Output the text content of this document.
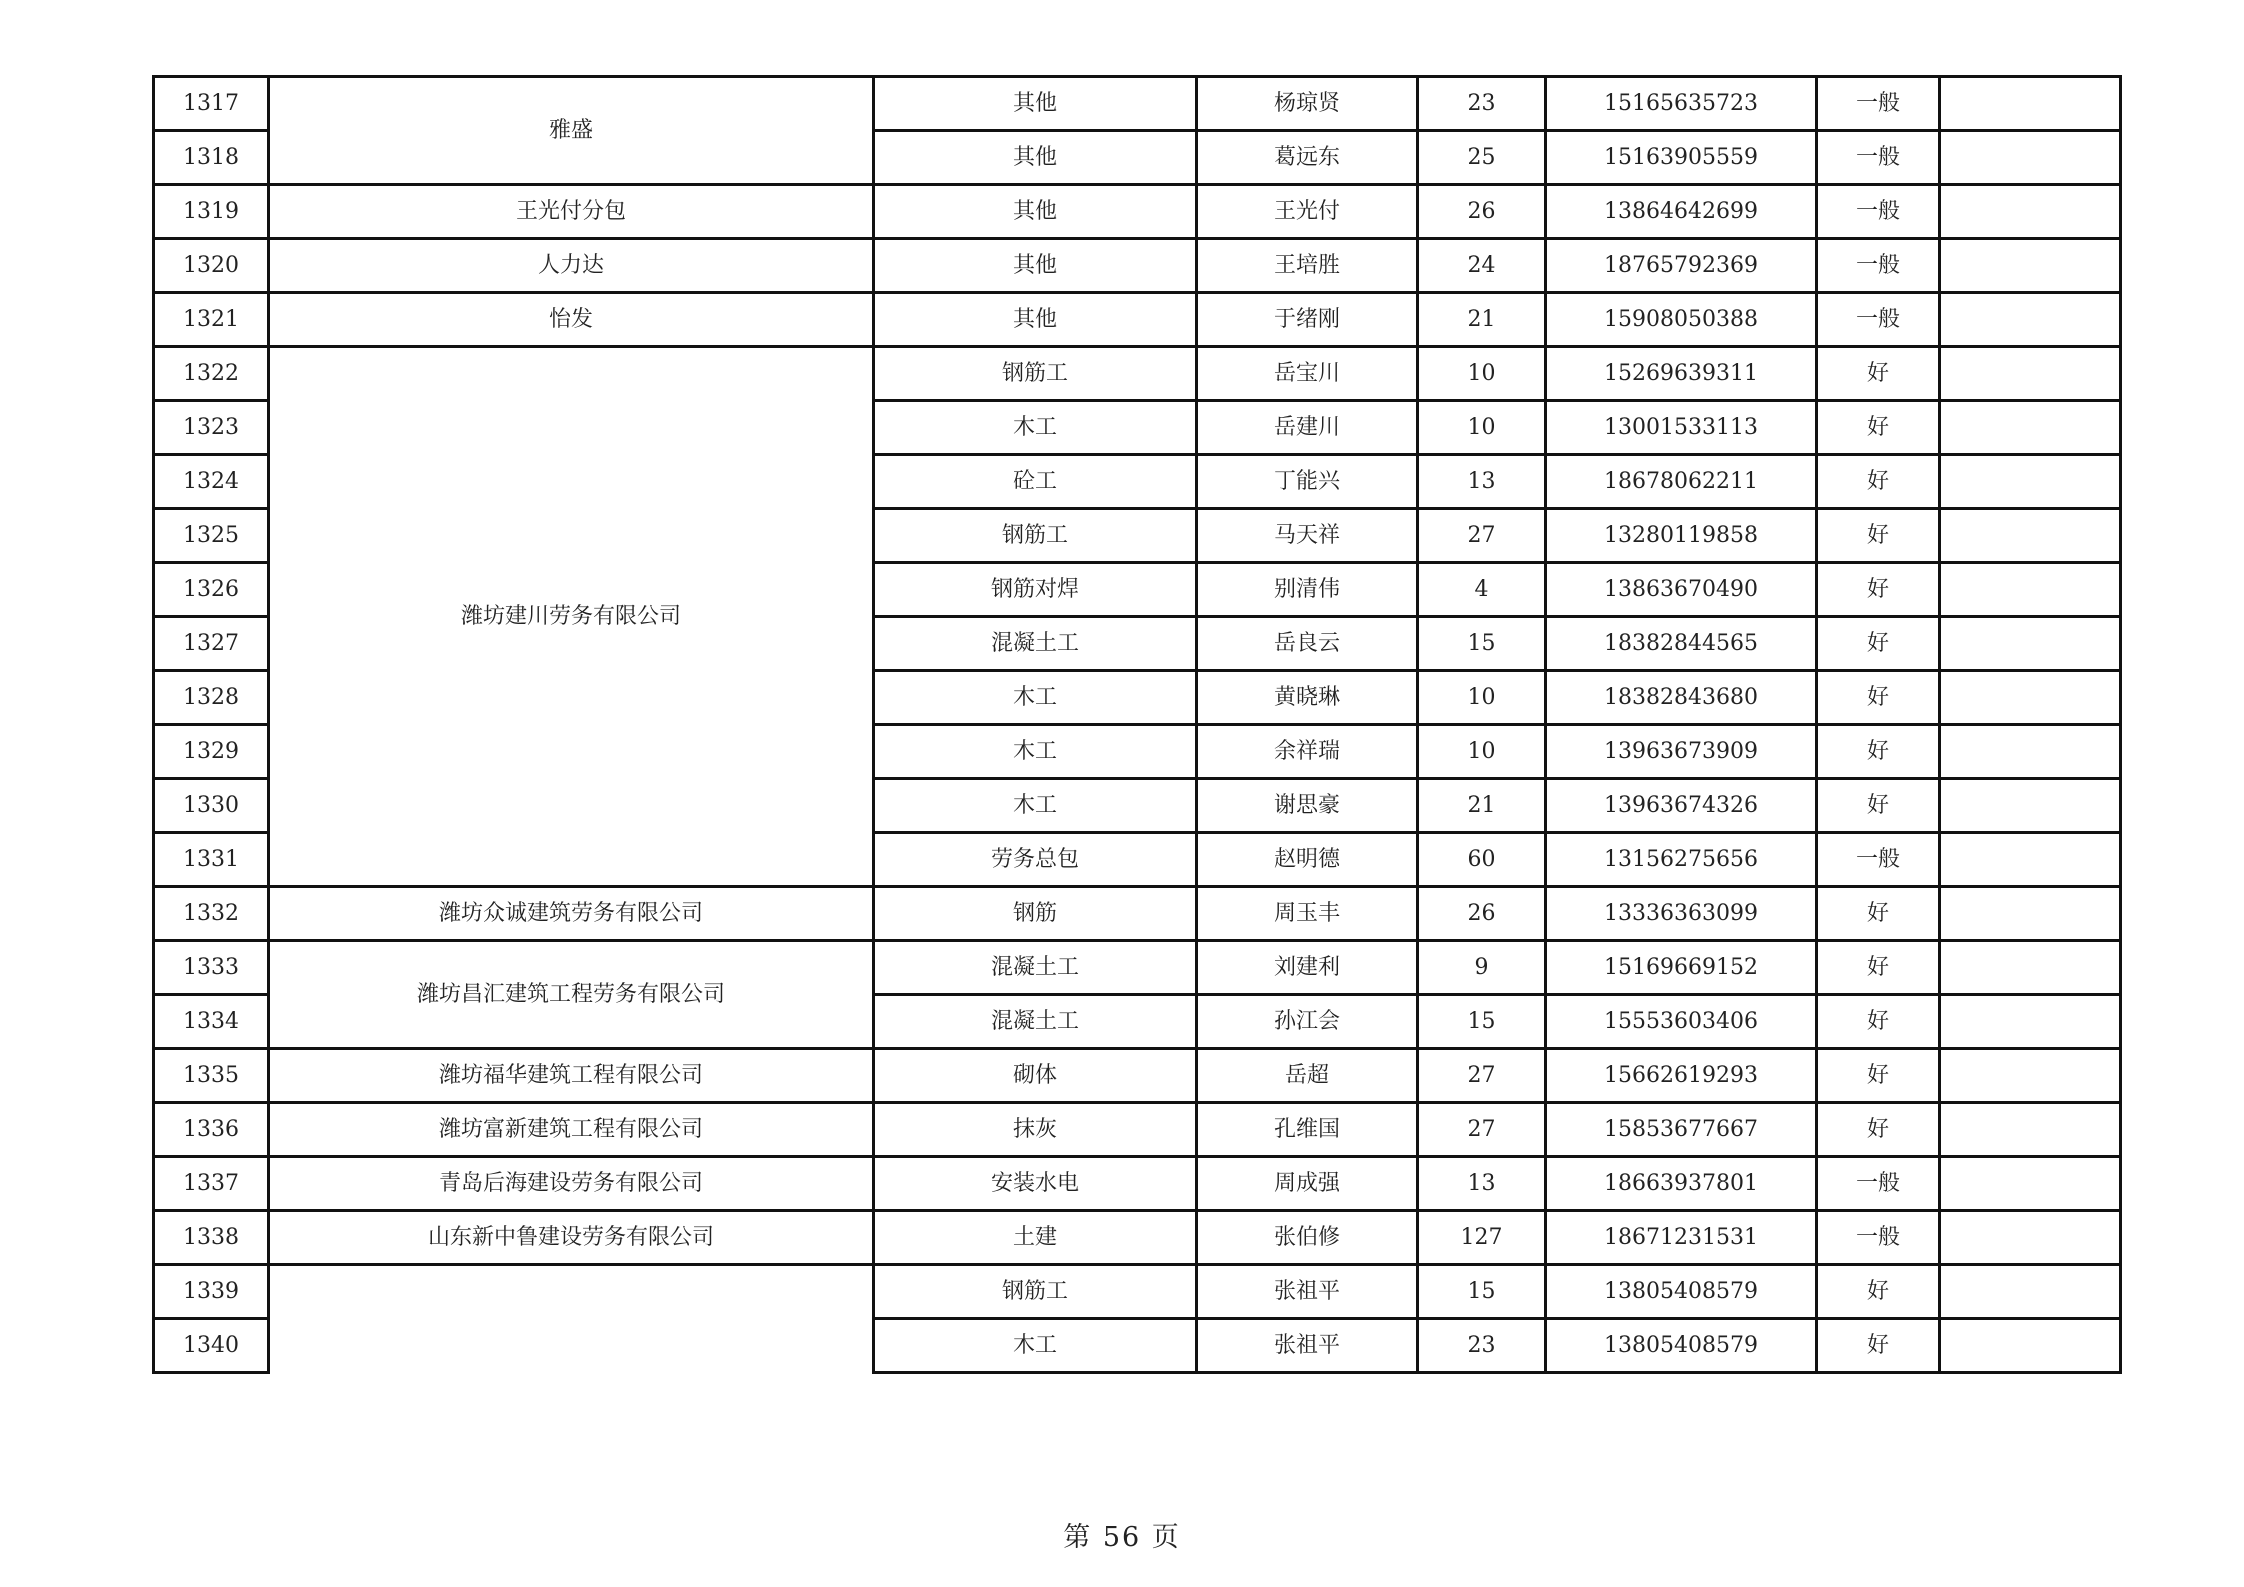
1317	雅盛	其他	杨琼贤	23	15165635723	一般	
1318		其他	葛远东	25	15163905559	一般	
1319	王光付分包	其他	王光付	26	13864642699	一般	
1320	人力达	其他	王培胜	24	18765792369	一般	
1321	怡发	其他	于绪刚	21	15908050388	一般	
1322	潍坊建川劳务有限公司	钢筋工	岳宝川	10	15269639311	好	
1323		木工	岳建川	10	13001533113	好	
1324		砼工	丁能兴	13	18678062211	好	
1325		钢筋工	马天祥	27	13280119858	好	
1326		钢筋对焊	别清伟	4	13863670490	好	
1327		混凝土工	岳良云	15	18382844565	好	
1328		木工	黄晓琳	10	18382843680	好	
1329		木工	余祥瑞	10	13963673909	好	
1330		木工	谢思豪	21	13963674326	好	
1331		劳务总包	赵明德	60	13156275656	一般	
1332	潍坊众诚建筑劳务有限公司	钢筋	周玉丰	26	13336363099	好	
1333	潍坊昌汇建筑工程劳务有限公司	混凝土工	刘建利	9	15169669152	好	
1334		混凝土工	孙江会	15	15553603406	好	
1335	潍坊福华建筑工程有限公司	砌体	岳超	27	15662619293	好	
1336	潍坊富新建筑工程有限公司	抹灰	孔维国	27	15853677667	好	
1337	青岛后海建设劳务有限公司	安装水电	周成强	13	18663937801	一般	
1338	山东新中鲁建设劳务有限公司	土建	张伯修	127	18671231531	一般	
1339		钢筋工	张祖平	15	13805408579	好	
1340		木工	张祖平	23	13805408579	好	
第 56 页
